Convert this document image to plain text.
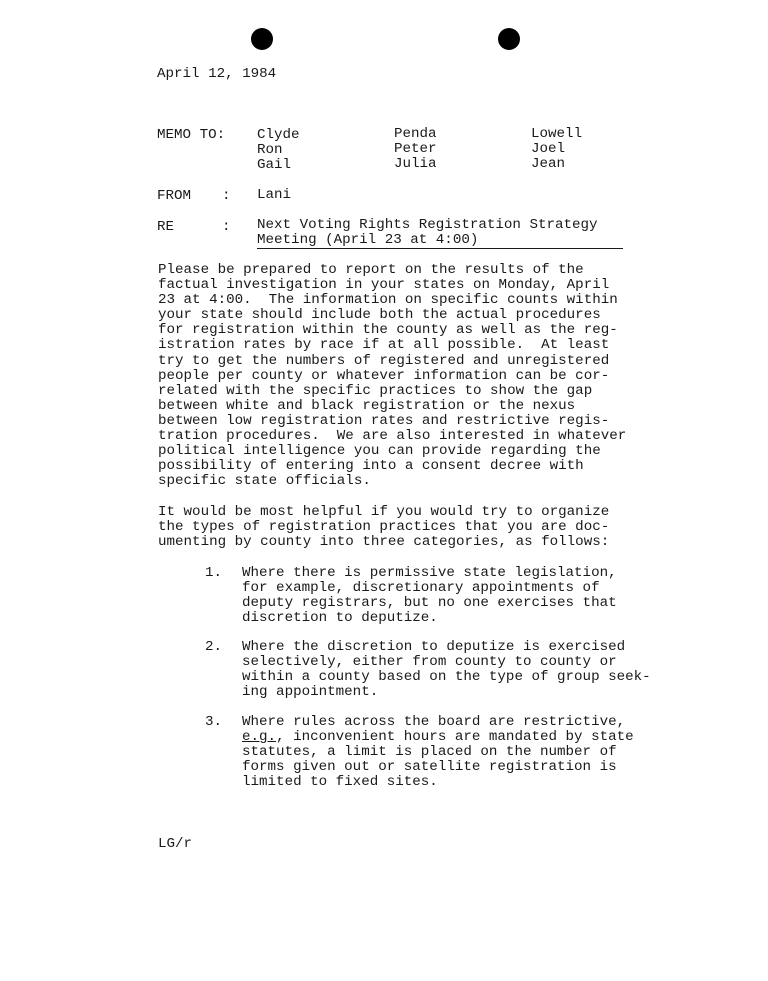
April 12, 1984
MEMO TO: Clyde
Ron
Gail
Penda
Peter
Julia
Lowell
Joel
Jean
FROM : Lani
RE	: Next Voting Rights Registration Strategy
Meeting (April 23 at 4:00)
Please be prepared to report on the results of the
factual investigation in your states on Monday, April
23 at 4:00.  The information on specific counts within
your state should include both the actual procedures
for registration within the county as well as the reg-
istration rates by race if at all possible.  At least
try to get the numbers of registered and unregistered
people per county or whatever information can be cor-
related with the specific practices to show the gap
between white and black registration or the nexus
between low registration rates and restrictive regis-
tration procedures.  We are also interested in whatever
political intelligence you can provide regarding the
possibility of entering into a consent decree with
specific state officials.
It would be most helpful if you would try to organize
the types of registration practices that you are doc-
umenting by county into three categories, as follows:
1. Where there is permissive state legislation,
for example, discretionary appointments of
deputy registrars, but no one exercises that
discretion to deputize.
2. Where the discretion to deputize is exercised
selectively, either from county to county or
within a county based on the type of group seek-
ing appointment.
3. Where rules across the board are restrictive,
e.g., inconvenient hours are mandated by state
statutes, a limit is placed on the number of
forms given out or satellite registration is
limited to fixed sites.
LG/r
